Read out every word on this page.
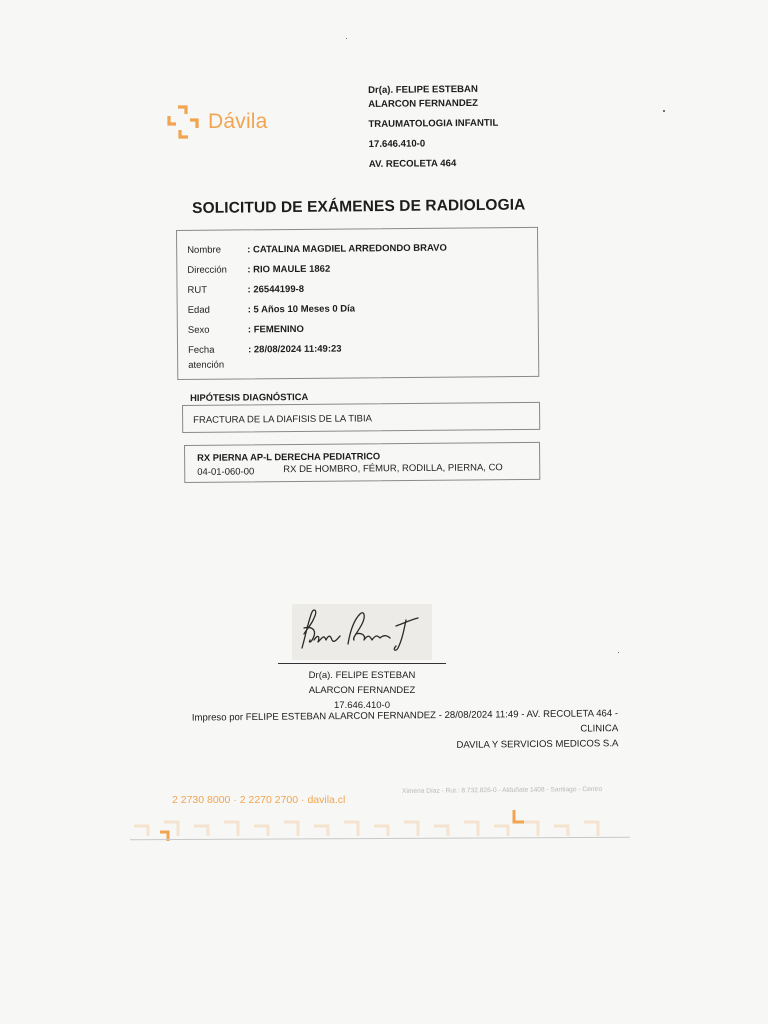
Dávila
Dr(a). FELIPE ESTEBAN
ALARCON FERNANDEZ
TRAUMATOLOGIA INFANTIL
17.646.410-0
AV. RECOLETA 464
SOLICITUD DE EXÁMENES DE RADIOLOGIA
Nombre	: CATALINA MAGDIEL ARREDONDO BRAVO
Dirección	: RIO MAULE 1862
RUT	: 26544199-8
Edad	: 5 Años 10 Meses 0 Día
Sexo	: FEMENINO
Fecha
atención
: 28/08/2024 11:49:23
HIPÓTESIS DIAGNÓSTICA
FRACTURA DE LA DIAFISIS DE LA TIBIA
RX PIERNA AP-L DERECHA PEDIATRICO
04-01-060-00	RX DE HOMBRO, FÉMUR, RODILLA, PIERNA, CO
Dr(a). FELIPE ESTEBAN
ALARCON FERNANDEZ
17.646.410-0
Impreso por FELIPE ESTEBAN ALARCON FERNANDEZ - 28/08/2024 11:49 - AV. RECOLETA 464 - CLINICA
DAVILA Y SERVICIOS MEDICOS S.A
2 2730 8000 · 2 2270 2700 · davila.cl
Ximena Díaz - Rut.: 8.732.826-0 - Alduñate 1408 - Santiago - Centro
